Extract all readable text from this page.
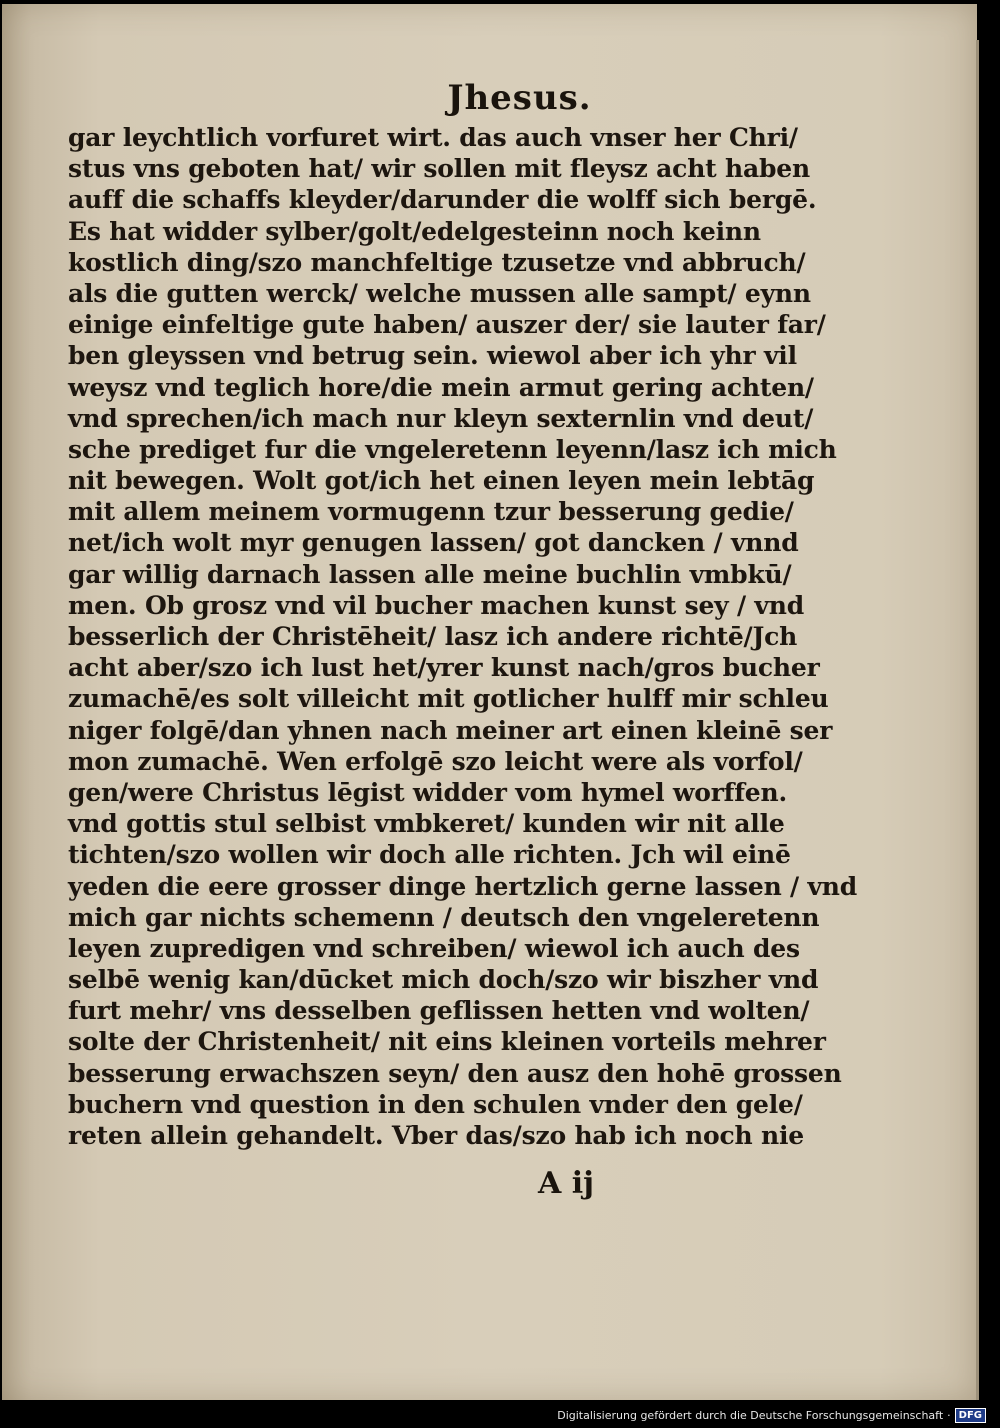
Jhesus.
gar leychtlich vorfuret wirt. das auch vnser her Chri/
stus vns geboten hat/ wir sollen mit fleysz acht haben
auff die schaffs kleyder/darunder die wolff sich bergē.
Es hat widder sylber/golt/edelgesteinn noch keinn
kostlich ding/szo manchfeltige tzusetze vnd abbruch/
als die gutten werck/ welche mussen alle sampt/ eynn
einige einfeltige gute haben/ auszer der/ sie lauter far/
ben gleyssen vnd betrug sein. wiewol aber ich yhr vil
weysz vnd teglich hore/die mein armut gering achten/
vnd sprechen/ich mach nur kleyn sexternlin vnd deut/
sche prediget fur die vngeleretenn leyenn/lasz ich mich
nit bewegen. Wolt got/ich het einen leyen mein lebtāg
mit allem meinem vormugenn tzur besserung gedie/
net/ich wolt myr genugen lassen/ got dancken / vnnd
gar willig darnach lassen alle meine buchlin vmbkū/
men. Ob grosz vnd vil bucher machen kunst sey / vnd
besserlich der Christēheit/ lasz ich andere richtē/Jch
acht aber/szo ich lust het/yrer kunst nach/gros bucher
zumachē/es solt villeicht mit gotlicher hulff mir schleu
niger folgē/dan yhnen nach meiner art einen kleinē ser
mon zumachē. Wen erfolgē szo leicht were als vorfol/
gen/were Christus lēgist widder vom hymel worffen.
vnd gottis stul selbist vmbkeret/ kunden wir nit alle
tichten/szo wollen wir doch alle richten. Jch wil einē
yeden die eere grosser dinge hertzlich gerne lassen / vnd
mich gar nichts schemenn / deutsch den vngeleretenn
leyen zupredigen vnd schreiben/ wiewol ich auch des
selbē wenig kan/dūcket mich doch/szo wir biszher vnd
furt mehr/ vns desselben geflissen hetten vnd wolten/
solte der Christenheit/ nit eins kleinen vorteils mehrer
besserung erwachszen seyn/ den ausz den hohē grossen
buchern vnd question in den schulen vnder den gele/
reten allein gehandelt. Vber das/szo hab ich noch nie
A ij
Digitalisierung gefördert durch die Deutsche Forschungsgemeinschaft · DFG
